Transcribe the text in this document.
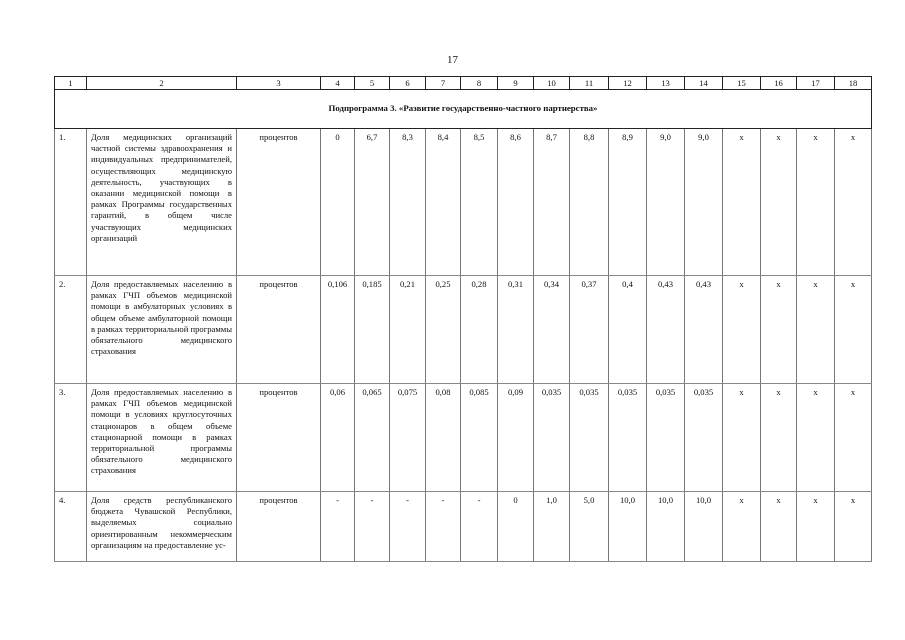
17
1	2	3	4	5	6	7	8	9	10	11	12	13	14	15	16	17	18
Подпрограмма 3. «Развитие государственно-частного партнерства»																	
1.	Доля медицинских организаций частной системы здравоохранения и индивидуальных предпринимателей, осуществляющих медицинскую деятельность, участвующих в оказании медицинской помощи в рамках Программы государственных гарантий, в общем числе участвующих медицинских организаций	процентов	0	6,7	8,3	8,4	8,5	8,6	8,7	8,8	8,9	9,0	9,0	x	x	x	x
2.	Доля предоставляемых населению в рамках ГЧП объемов медицинской помощи в амбулаторных условиях в общем объеме амбулаторной помощи в рамках территориальной программы обязательного медицинского страхования	процентов	0,106	0,185	0,21	0,25	0,28	0,31	0,34	0,37	0,4	0,43	0,43	x	x	x	x
3.	Доля предоставляемых населению в рамках ГЧП объемов медицинской помощи в условиях круглосуточных стационаров в общем объеме стационарной помощи в рамках территориальной программы обязательного медицинского страхования	процентов	0,06	0,065	0,075	0,08	0,085	0,09	0,035	0,035	0,035	0,035	0,035	x	x	x	x
4.	Доля средств республиканского бюджета Чувашской Республики, выделяемых социально ориентированным некоммерческим организациям на предоставление ус-	процентов	-	-	-	-	-	0	1,0	5,0	10,0	10,0	10,0	x	x	x	x
